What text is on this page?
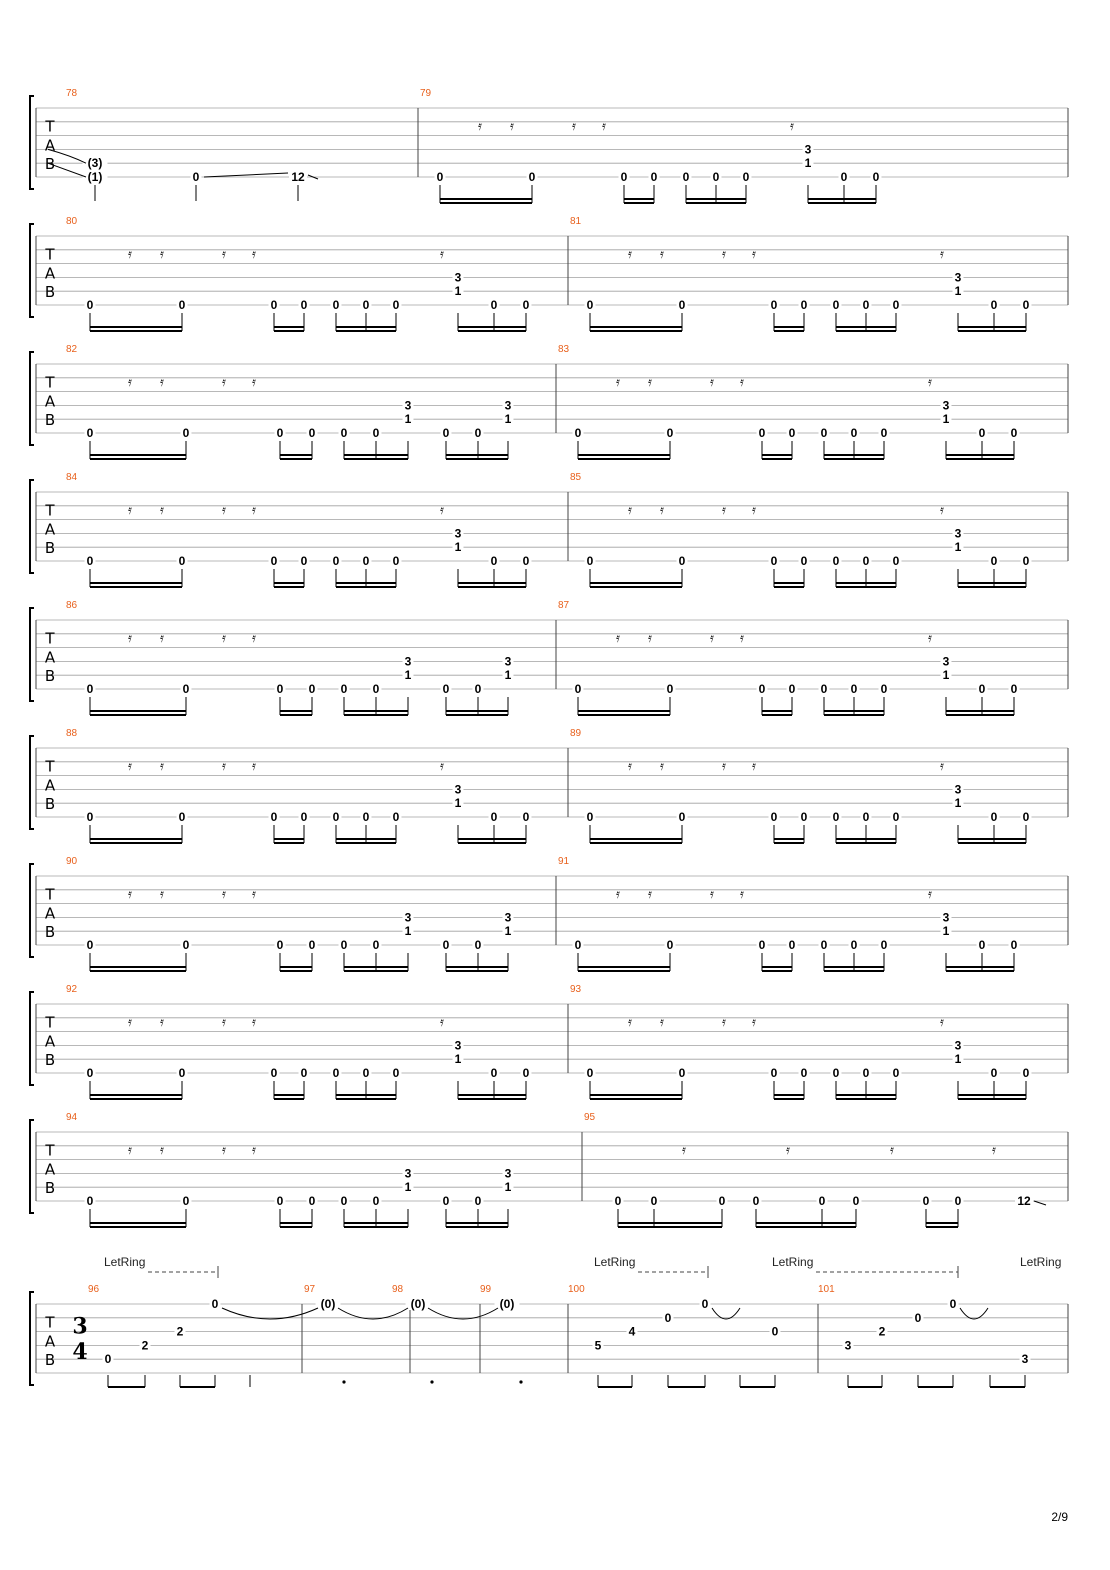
T
A
B
78	79
(3)
(1)	0	12
𝄿 𝄿	𝄿 𝄿	𝄿
0	0	0 0 0 0 0
3
1
0 0
T
A
B
80	81
𝄿 𝄿	𝄿 𝄿	𝄿
0	0	0 0 0 0 0
3
1
0 0
𝄿 𝄿	𝄿 𝄿	𝄿
0	0	0 0 0 0 0
3
1
0 0
T
A
B
82	83
𝄿 𝄿	𝄿 𝄿
0	0	0 0 0 0
3
1
0 0
3
1
𝄿 𝄿	𝄿 𝄿	𝄿
0	0	0 0 0 0 0
3
1
0 0
T
A
B
84	85
𝄿 𝄿	𝄿 𝄿	𝄿
0	0	0 0 0 0 0
3
1
0 0
𝄿 𝄿	𝄿 𝄿	𝄿
0	0	0 0 0 0 0
3
1
0 0
T
A
B
86	87
𝄿 𝄿	𝄿 𝄿
0	0	0 0 0 0
3
1
0 0
3
1
𝄿 𝄿	𝄿 𝄿	𝄿
0	0	0 0 0 0 0
3
1
0 0
T
A
B
88	89
𝄿 𝄿	𝄿 𝄿	𝄿
0	0	0 0 0 0 0
3
1
0 0
𝄿 𝄿	𝄿 𝄿	𝄿
0	0	0 0 0 0 0
3
1
0 0
T
A
B
90	91
𝄿 𝄿	𝄿 𝄿
0	0	0 0 0 0
3
1
0 0
3
1
𝄿 𝄿	𝄿 𝄿	𝄿
0	0	0 0 0 0 0
3
1
0 0
T
A
B
92	93
𝄿 𝄿	𝄿 𝄿	𝄿
0	0	0 0 0 0 0
3
1
0 0
𝄿 𝄿	𝄿 𝄿	𝄿
0	0	0 0 0 0 0
3
1
0 0
T
A
B
94	95
𝄿 𝄿	𝄿 𝄿
0	0	0 0 0 0
3
1
0 0
3
1
𝄿	𝄿	𝄿	𝄿
0 0	0 0	0 0	0 0	12
T
A
B
3
4
96	97	98	99	100	101
0
2
2
0	(0)	(0)	(0)
5
4
0
0
0
3
2
0
0
3
LetRing	LetRing	LetRing	LetRing
2/9
